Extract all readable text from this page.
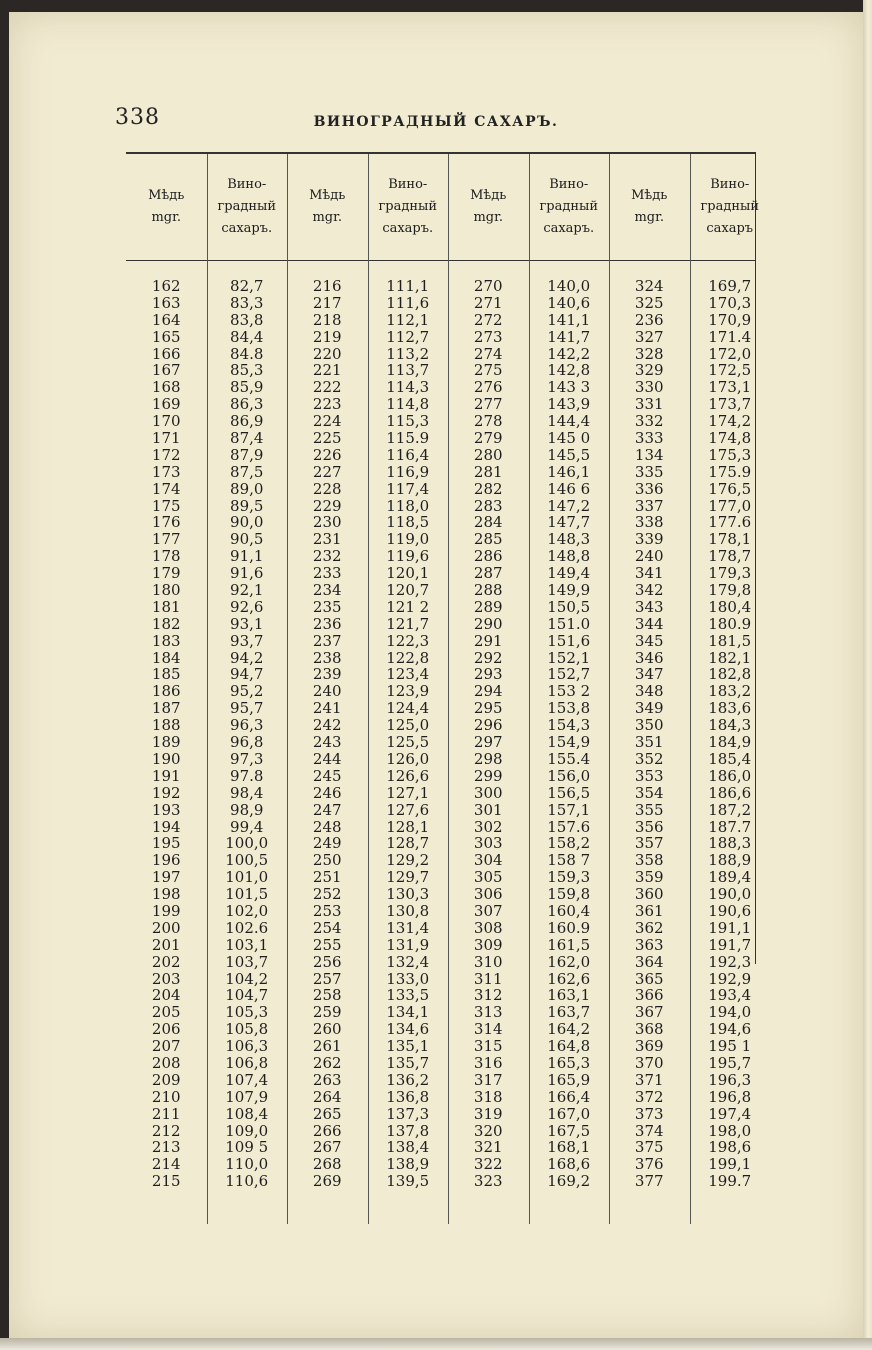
338	ВИНОГРАДНЫЙ САХАРЪ.
Мѣдь
mgr.
Вино-
градный
сахаръ.
Мѣдь
mgr.
Вино-
градный
сахаръ.
Мѣдь
mgr.
Вино-
градный
сахаръ.
Мѣдь
mgr.
Вино-
градный
сахаръ
162
163
164
165
166
167
168
169
170
171
172
173
174
175
176
177
178
179
180
181
182
183
184
185
186
187
188
189
190
191
192
193
194
195
196
197
198
199
200
201
202
203
204
205
206
207
208
209
210
211
212
213
214
215
82,7
83,3
83,8
84,4
84.8
85,3
85,9
86,3
86,9
87,4
87,9
87,5
89,0
89,5
90,0
90,5
91,1
91,6
92,1
92,6
93,1
93,7
94,2
94,7
95,2
95,7
96,3
96,8
97,3
97.8
98,4
98,9
99,4
100,0
100,5
101,0
101,5
102,0
102.6
103,1
103,7
104,2
104,7
105,3
105,8
106,3
106,8
107,4
107,9
108,4
109,0
109 5
110,0
110,6
216
217
218
219
220
221
222
223
224
225
226
227
228
229
230
231
232
233
234
235
236
237
238
239
240
241
242
243
244
245
246
247
248
249
250
251
252
253
254
255
256
257
258
259
260
261
262
263
264
265
266
267
268
269
111,1
111,6
112,1
112,7
113,2
113,7
114,3
114,8
115,3
115.9
116,4
116,9
117,4
118,0
118,5
119,0
119,6
120,1
120,7
121 2
121,7
122,3
122,8
123,4
123,9
124,4
125,0
125,5
126,0
126,6
127,1
127,6
128,1
128,7
129,2
129,7
130,3
130,8
131,4
131,9
132,4
133,0
133,5
134,1
134,6
135,1
135,7
136,2
136,8
137,3
137,8
138,4
138,9
139,5
270
271
272
273
274
275
276
277
278
279
280
281
282
283
284
285
286
287
288
289
290
291
292
293
294
295
296
297
298
299
300
301
302
303
304
305
306
307
308
309
310
311
312
313
314
315
316
317
318
319
320
321
322
323
140,0
140,6
141,1
141,7
142,2
142,8
143 3
143,9
144,4
145 0
145,5
146,1
146 6
147,2
147,7
148,3
148,8
149,4
149,9
150,5
151.0
151,6
152,1
152,7
153 2
153,8
154,3
154,9
155.4
156,0
156,5
157,1
157.6
158,2
158 7
159,3
159,8
160,4
160.9
161,5
162,0
162,6
163,1
163,7
164,2
164,8
165,3
165,9
166,4
167,0
167,5
168,1
168,6
169,2
324
325
236
327
328
329
330
331
332
333
134
335
336
337
338
339
240
341
342
343
344
345
346
347
348
349
350
351
352
353
354
355
356
357
358
359
360
361
362
363
364
365
366
367
368
369
370
371
372
373
374
375
376
377
169,7
170,3
170,9
171.4
172,0
172,5
173,1
173,7
174,2
174,8
175,3
175.9
176,5
177,0
177.6
178,1
178,7
179,3
179,8
180,4
180.9
181,5
182,1
182,8
183,2
183,6
184,3
184,9
185,4
186,0
186,6
187,2
187.7
188,3
188,9
189,4
190,0
190,6
191,1
191,7
192,3
192,9
193,4
194,0
194,6
195 1
195,7
196,3
196,8
197,4
198,0
198,6
199,1
199.7
